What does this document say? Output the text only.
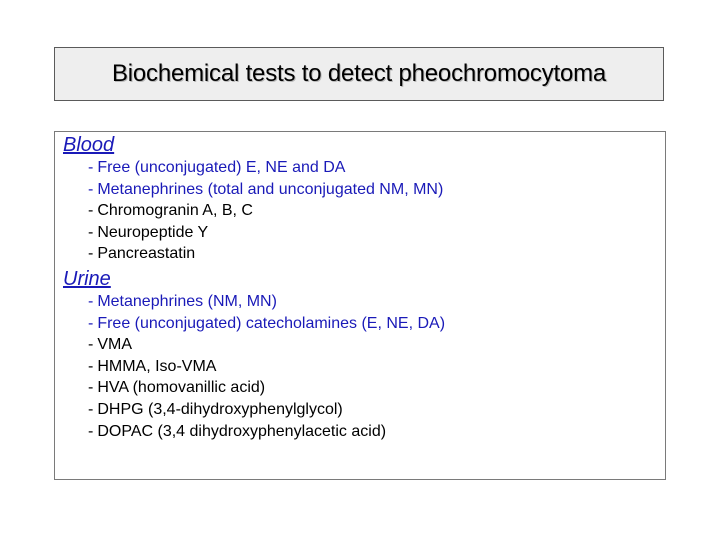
Biochemical tests to detect pheochromocytoma
Blood
- Free (unconjugated) E, NE and DA
- Metanephrines (total and unconjugated NM, MN)
- Chromogranin A, B, C
- Neuropeptide Y
- Pancreastatin
Urine
- Metanephrines (NM, MN)
- Free (unconjugated) catecholamines (E, NE, DA)
- VMA
- HMMA, Iso-VMA
- HVA (homovanillic acid)
- DHPG (3,4-dihydroxyphenylglycol)
- DOPAC (3,4 dihydroxyphenylacetic acid)
